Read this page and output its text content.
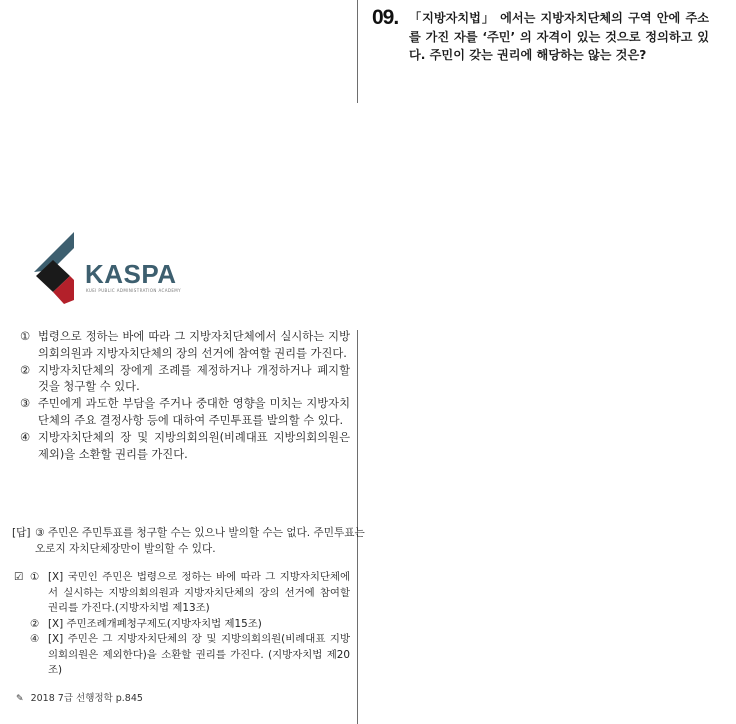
09. 「지방자치법」 에서는 지방자치단체의 구역 안에 주소를 가진 자를 ‘주민’ 의 자격이 있는 것으로 정의하고 있다. 주민이 갖는 권리에 해당하는 않는 것은?
KASPA
KUEI PUBLIC ADMINISTRATION ACADEMY
① 법령으로 정하는 바에 따라 그 지방자치단체에서 실시하는 지방의회의원과 지방자치단체의 장의 선거에 참여할 권리를 가진다.
② 지방자치단체의 장에게 조례를 제정하거나 개정하거나 폐지할 것을 청구할 수 있다.
③ 주민에게 과도한 부담을 주거나 중대한 영향을 미치는 지방자치단체의 주요 결정사항 등에 대하여 주민투표를 발의할 수 있다.
④ 지방자치단체의 장 및 지방의회의원(비례대표 지방의회의원은 제외)을 소환할 권리를 가진다.
[답] ③ 주민은 주민투표를 청구할 수는 있으나 발의할 수는 없다. 주민투표는 오로지 자치단체장만이 발의할 수 있다.
☑ ① [X] 국민인 주민은 법령으로 정하는 바에 따라 그 지방자치단체에서 실시하는 지방의회의원과 지방자치단체의 장의 선거에 참여할 권리를 가진다.(지방자치법 제13조)
② [X] 주민조례개폐청구제도(지방자치법 제15조)
④ [X] 주민은 그 지방자치단체의 장 및 지방의회의원(비례대표 지방의회의원은 제외한다)을 소환할 권리를 가진다. (지방자치법 제20조)
✎ 2018 7급 선행정학 p.845
